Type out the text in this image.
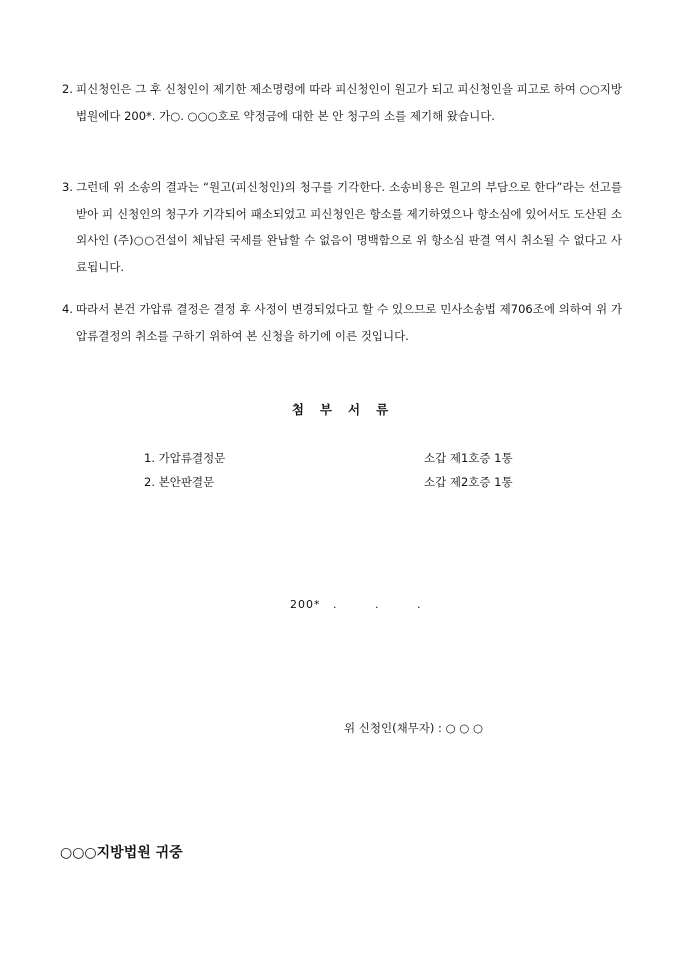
2. 피신청인은 그 후 신청인이 제기한 제소명령에 따라 피신청인이 원고가 되고 피신청인을 피고로 하여 ○○지방법원에다 200*. 가○. ○○○호로 약정금에 대한 본 안 청구의 소를 제기해 왔습니다.
3. 그런데 위 소송의 결과는 “원고(피신청인)의 청구를 기각한다. 소송비용은 원고의 부담으로 한다”라는 선고를 받아 피 신청인의 청구가 기각되어 패소되었고 피신청인은 항소를 제기하였으나 항소심에 있어서도 도산된 소외사인 (주)○○건설이 체납된 국세를 완납할 수 없음이 명백함으로 위 항소심 판결 역시 취소될 수 없다고 사료됩니다.
4. 따라서 본건 가압류 결정은 결정 후 사정이 변경되었다고 할 수 있으므로 민사소송법 제706조에 의하여 위 가압류결정의 취소를 구하기 위하여 본 신청을 하기에 이른 것입니다.
첨부서류
1. 가압류결정문	소갑 제1호증 1통
2. 본안판결문	소갑 제2호증 1통
200* .   .   .
위 신청인(채무자) : ○ ○ ○
○○○지방법원 귀중
